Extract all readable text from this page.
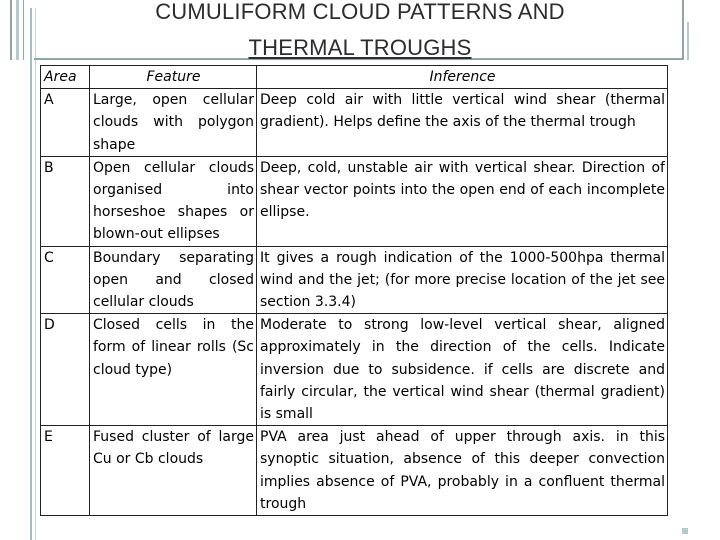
CUMULIFORM CLOUD PATTERNS AND
THERMAL TROUGHS
Area	Feature	Inference
A	Large, open cellular clouds with polygon shape	Deep cold air with little vertical wind shear (thermal gradient). Helps define the axis of the thermal trough
B	Open cellular clouds organised into horseshoe shapes or blown-out ellipses	Deep, cold, unstable air with vertical shear. Direction of shear vector points into the open end of each incomplete ellipse.
C	Boundary separating open and closed cellular clouds	It gives a rough indication of the 1000-500hpa thermal wind and the jet; (for more precise location of the jet see section 3.3.4)
D	Closed cells in the form of linear rolls (Sc cloud type)	Moderate to strong low-level vertical shear, aligned approximately in the direction of the cells. Indicate inversion due to subsidence. if cells are discrete and fairly circular, the vertical wind shear (thermal gradient) is small
E	Fused cluster of large Cu or Cb clouds	PVA area just ahead of upper through axis. in this synoptic situation, absence of this deeper convection implies absence of PVA, probably in a confluent thermal trough
